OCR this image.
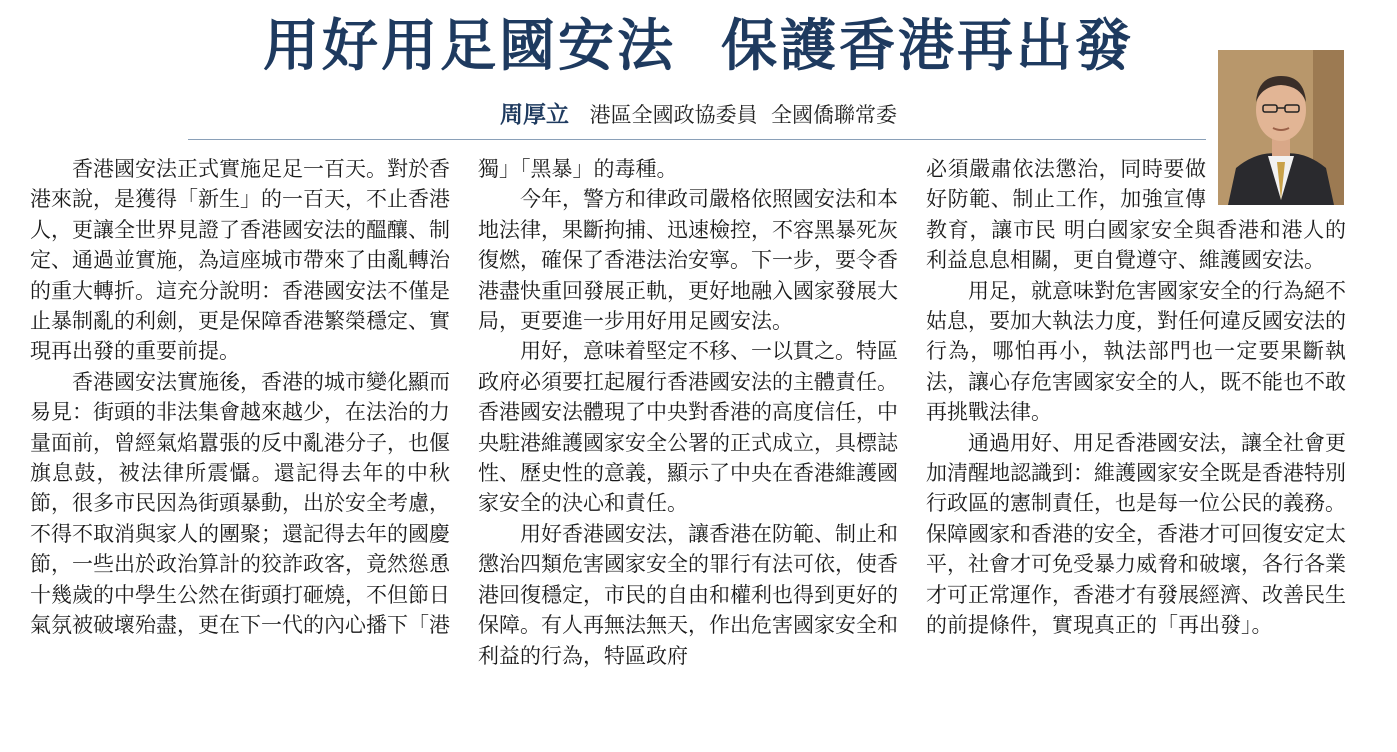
用好用足國安法  保護香港再出發
周厚立 港區全國政協委員  全國僑聯常委

香港國安法正式實施足足一百天。對於香港來說，是獲得「新生」的一百天，不止香港人，更讓全世界見證了香港國安法的醞釀、制定、通過並實施，為這座城市帶來了由亂轉治的重大轉折。這充分說明：香港國安法不僅是止暴制亂的利劍，更是保障香港繁榮穩定、實現再出發的重要前提。

香港國安法實施後，香港的城市變化顯而易見：街頭的非法集會越來越少，在法治的力量面前，曾經氣焰囂張的反中亂港分子，也偃旗息鼓，被法律所震懾。還記得去年的中秋節，很多市民因為街頭暴動，出於安全考慮，不得不取消與家人的團聚；還記得去年的國慶節，一些出於政治算計的狡詐政客，竟然慫恿十幾歲的中學生公然在街頭打砸燒，不但節日氣氛被破壞殆盡，更在下一代的內心播下「港

獨」「黑暴」的毒種。

今年，警方和律政司嚴格依照國安法和本地法律，果斷拘捕、迅速檢控，不容黑暴死灰復燃，確保了香港法治安寧。下一步，要令香港盡快重回發展正軌，更好地融入國家發展大局，更要進一步用好用足國安法。

用好，意味着堅定不移、一以貫之。特區政府必須要扛起履行香港國安法的主體責任。香港國安法體現了中央對香港的高度信任，中央駐港維護國家安全公署的正式成立，具標誌性、歷史性的意義，顯示了中央在香港維護國家安全的決心和責任。

用好香港國安法，讓香港在防範、制止和懲治四類危害國家安全的罪行有法可依，使香港回復穩定，市民的自由和權利也得到更好的保障。有人再無法無天，作出危害國家安全和利益的行為，特區政府

必須嚴肅依法懲治，同時要做好防範、制止工作，加強宣傳教育，讓市民 明白國家安全與香港和港人的利益息息相關，更自覺遵守、維護國安法。

用足，就意味對危害國家安全的行為絕不姑息，要加大執法力度，對任何違反國安法的行為，哪怕再小，執法部門也一定要果斷執法，讓心存危害國家安全的人，既不能也不敢再挑戰法律。

通過用好、用足香港國安法，讓全社會更加清醒地認識到：維護國家安全既是香港特別行政區的憲制責任，也是每一位公民的義務。保障國家和香港的安全，香港才可回復安定太平，社會才可免受暴力威脅和破壞，各行各業才可正常運作，香港才有發展經濟、改善民生的前提條件，實現真正的「再出發」。
